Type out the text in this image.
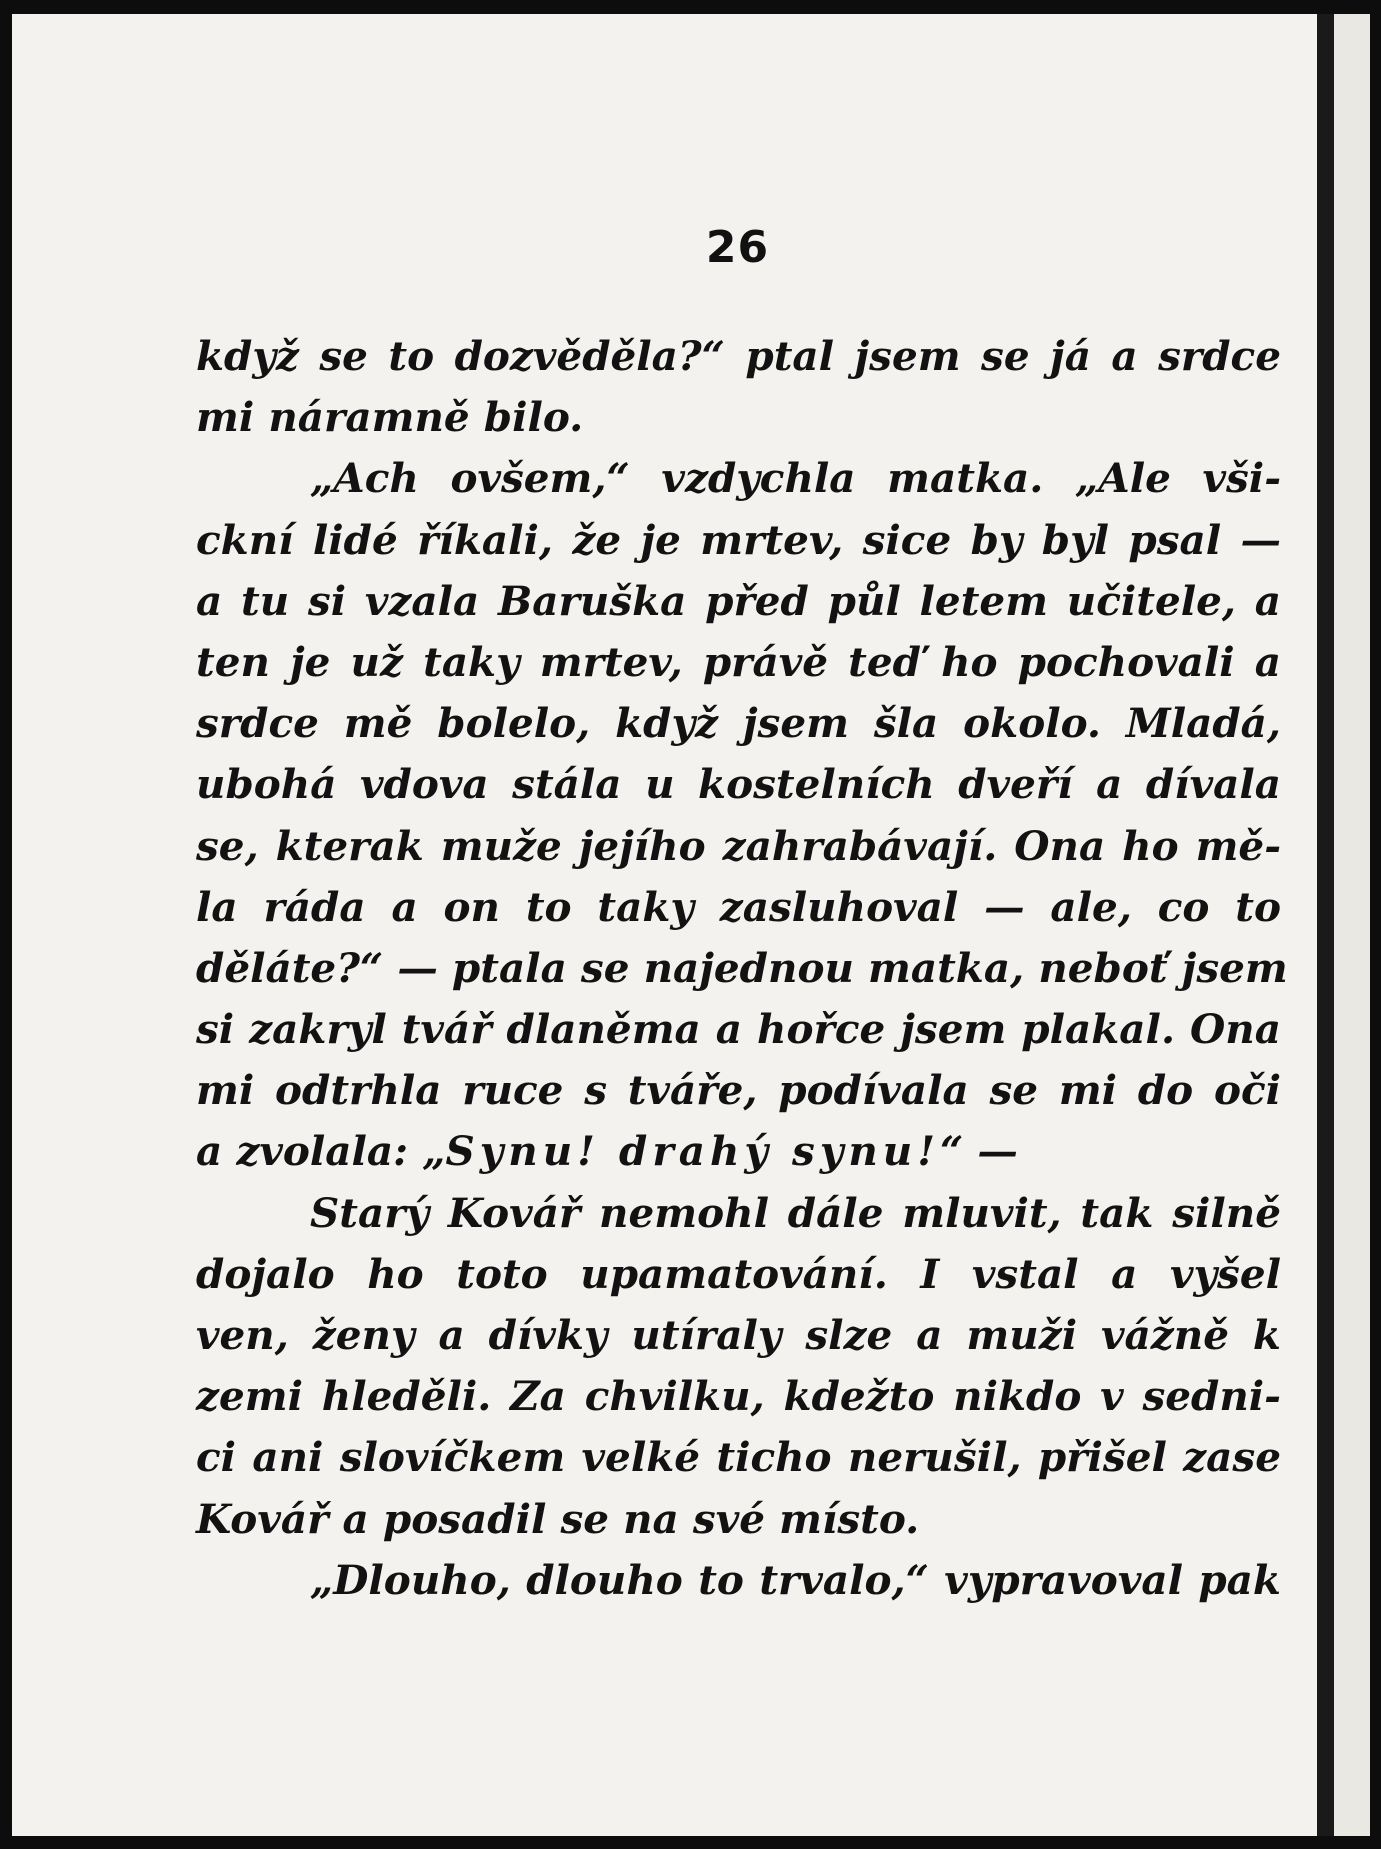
26
když se to dozvěděla?“ ptal jsem se já a srdce
mi náramně bilo.
„Ach ovšem,“ vzdychla matka. „Ale vši-
ckní lidé říkali, že je mrtev, sice by byl psal —
a tu si vzala Baruška před půl letem učitele, a
ten je už taky mrtev, právě teď ho pochovali a
srdce mě bolelo, když jsem šla okolo. Mladá,
ubohá vdova stála u kostelních dveří a dívala
se, kterak muže jejího zahrabávají. Ona ho mě-
la ráda a on to taky zasluhoval — ale, co to
děláte?“ — ptala se najednou matka, neboť jsem
si zakryl tvář dlaněma a hořce jsem plakal. Ona
mi odtrhla ruce s tváře, podívala se mi do oči
a zvolala: „Synu! drahý synu!“ —
Starý Kovář nemohl dále mluvit, tak silně
dojalo ho toto upamatování. I vstal a vyšel
ven, ženy a dívky utíraly slze a muži vážně k
zemi hleděli. Za chvilku, kdežto nikdo v sedni-
ci ani slovíčkem velké ticho nerušil, přišel zase
Kovář a posadil se na své místo.
„Dlouho, dlouho to trvalo,“ vypravoval pak
